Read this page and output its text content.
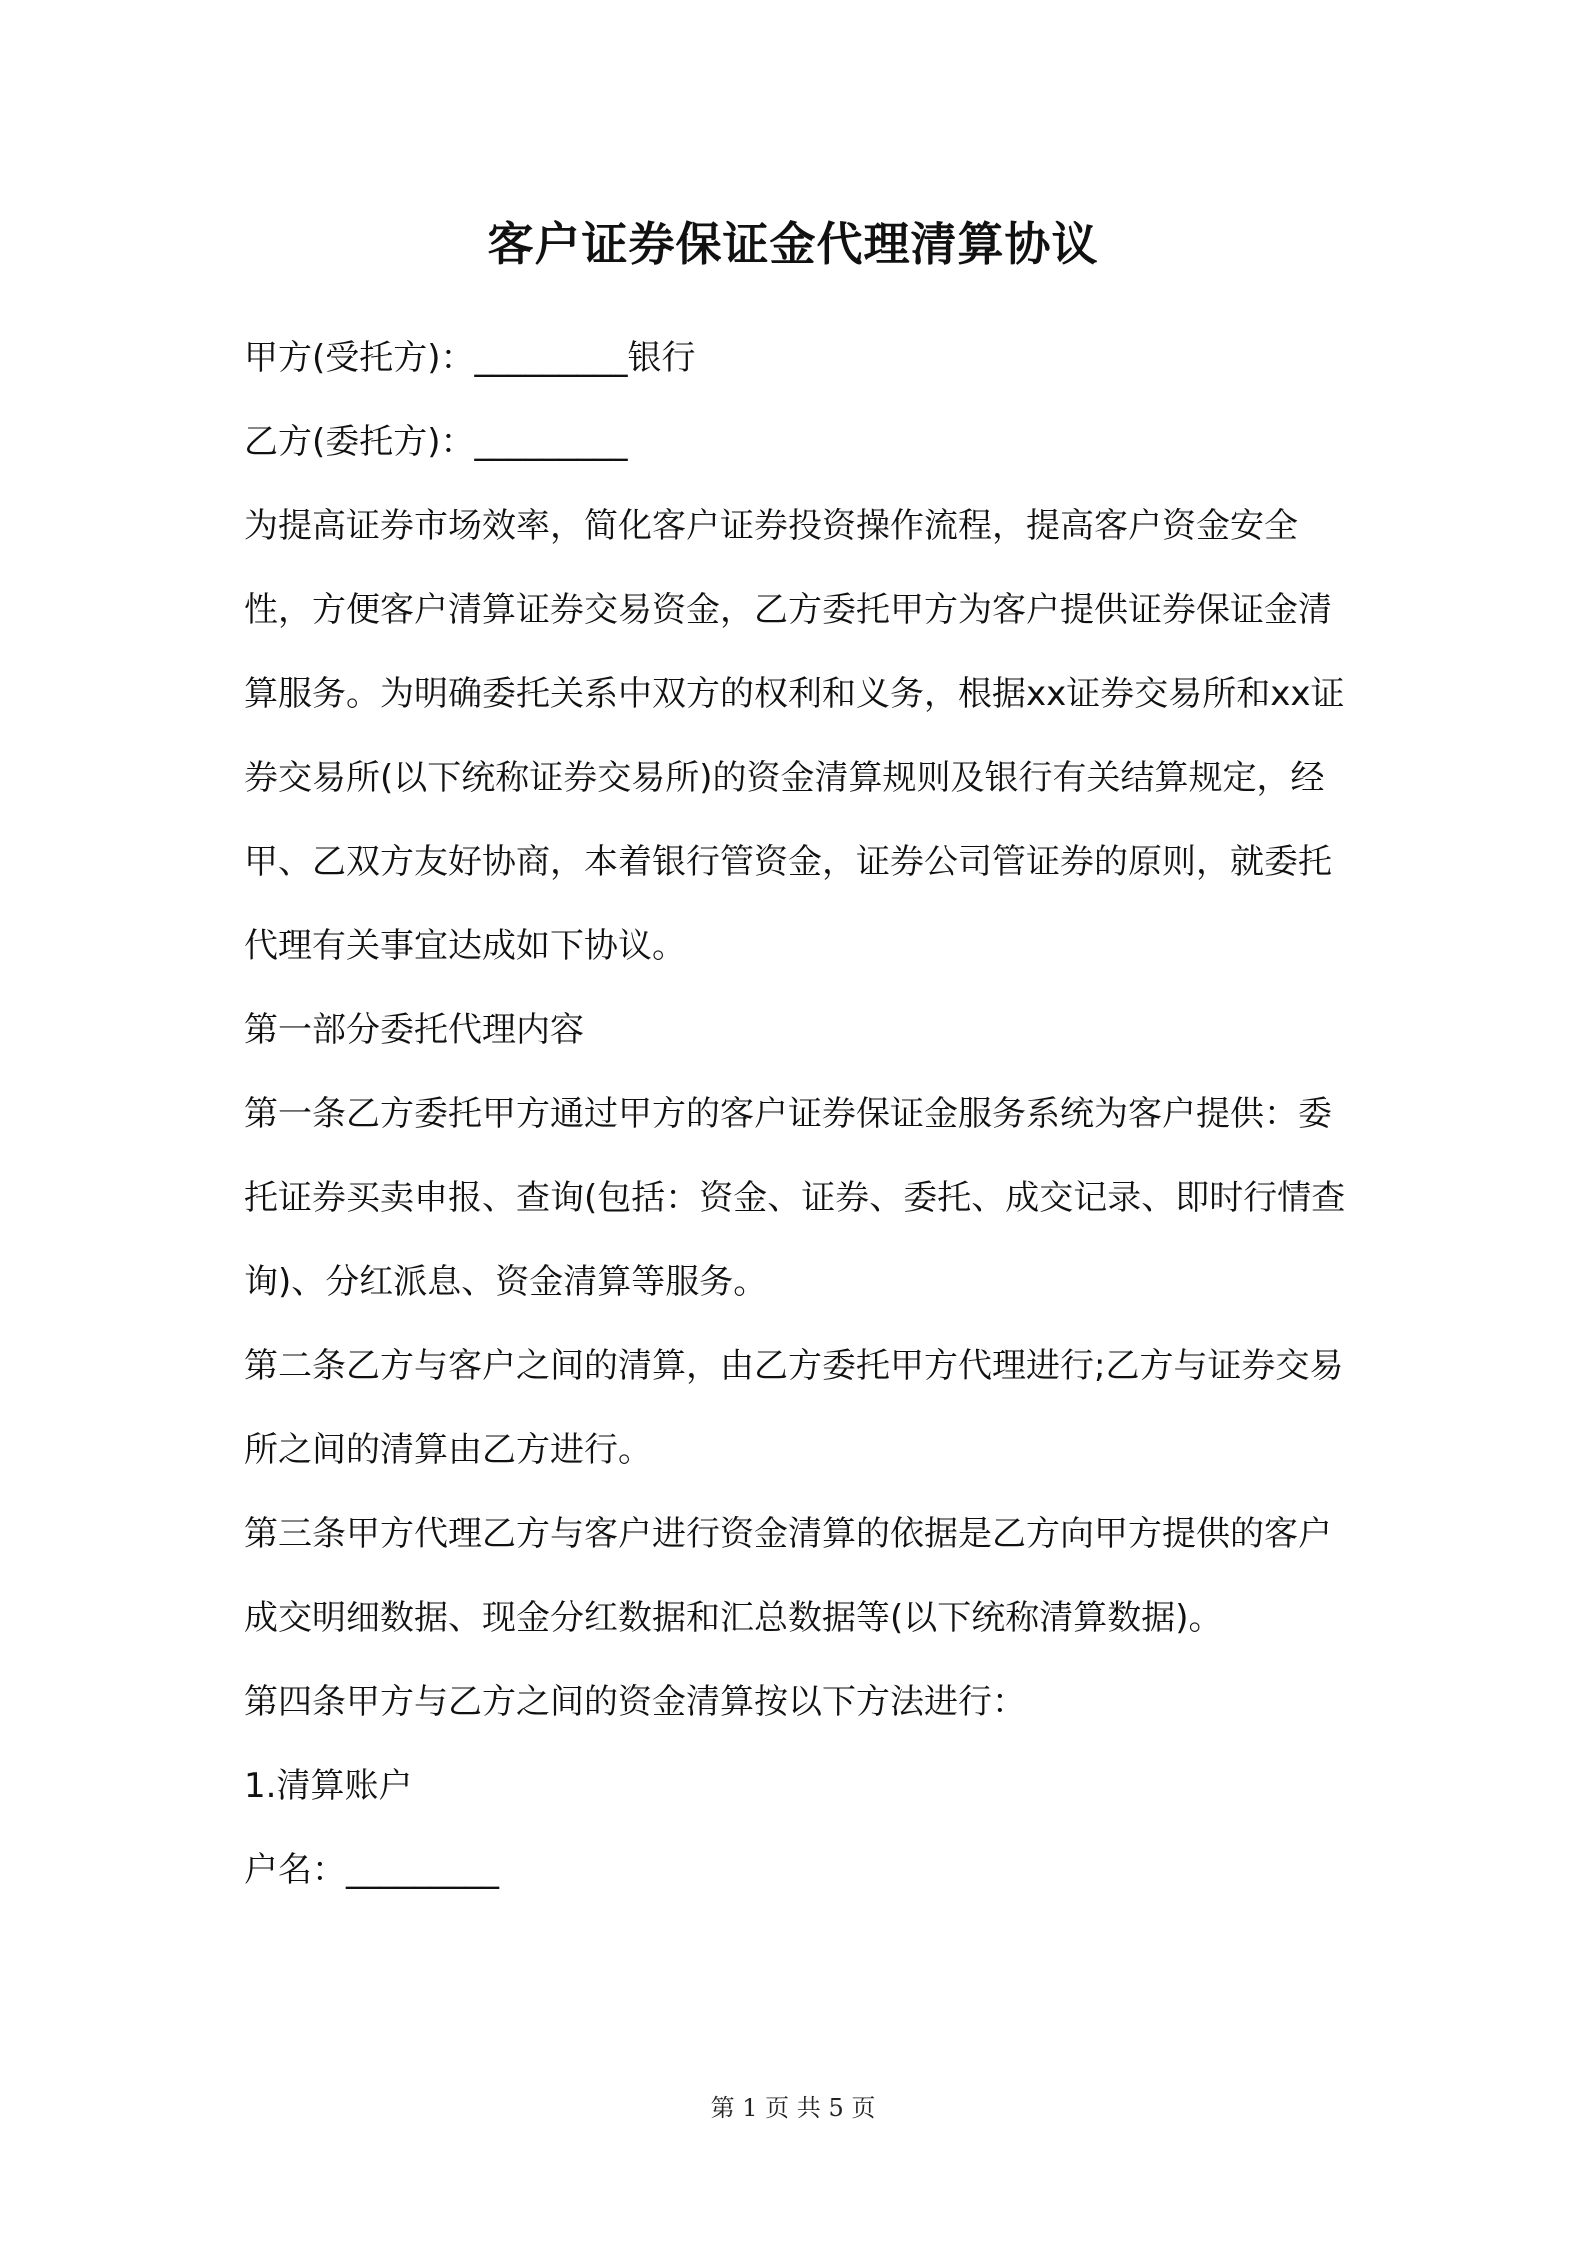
客户证券保证金代理清算协议

甲方(受托方)：_________银行

乙方(委托方)：_________

为提高证券市场效率，简化客户证券投资操作流程，提高客户资金安全性，方便客户清算证券交易资金，乙方委托甲方为客户提供证券保证金清算服务。为明确委托关系中双方的权利和义务，根据xx证券交易所和xx证券交易所(以下统称证券交易所)的资金清算规则及银行有关结算规定，经甲、乙双方友好协商，本着银行管资金，证券公司管证券的原则，就委托代理有关事宜达成如下协议。

第一部分委托代理内容

第一条乙方委托甲方通过甲方的客户证券保证金服务系统为客户提供：委托证券买卖申报、查询(包括：资金、证券、委托、成交记录、即时行情查询)、分红派息、资金清算等服务。

第二条乙方与客户之间的清算，由乙方委托甲方代理进行;乙方与证券交易所之间的清算由乙方进行。

第三条甲方代理乙方与客户进行资金清算的依据是乙方向甲方提供的客户成交明细数据、现金分红数据和汇总数据等(以下统称清算数据)。

第四条甲方与乙方之间的资金清算按以下方法进行：

1.清算账户

户名：_________

第 1 页 共 5 页
